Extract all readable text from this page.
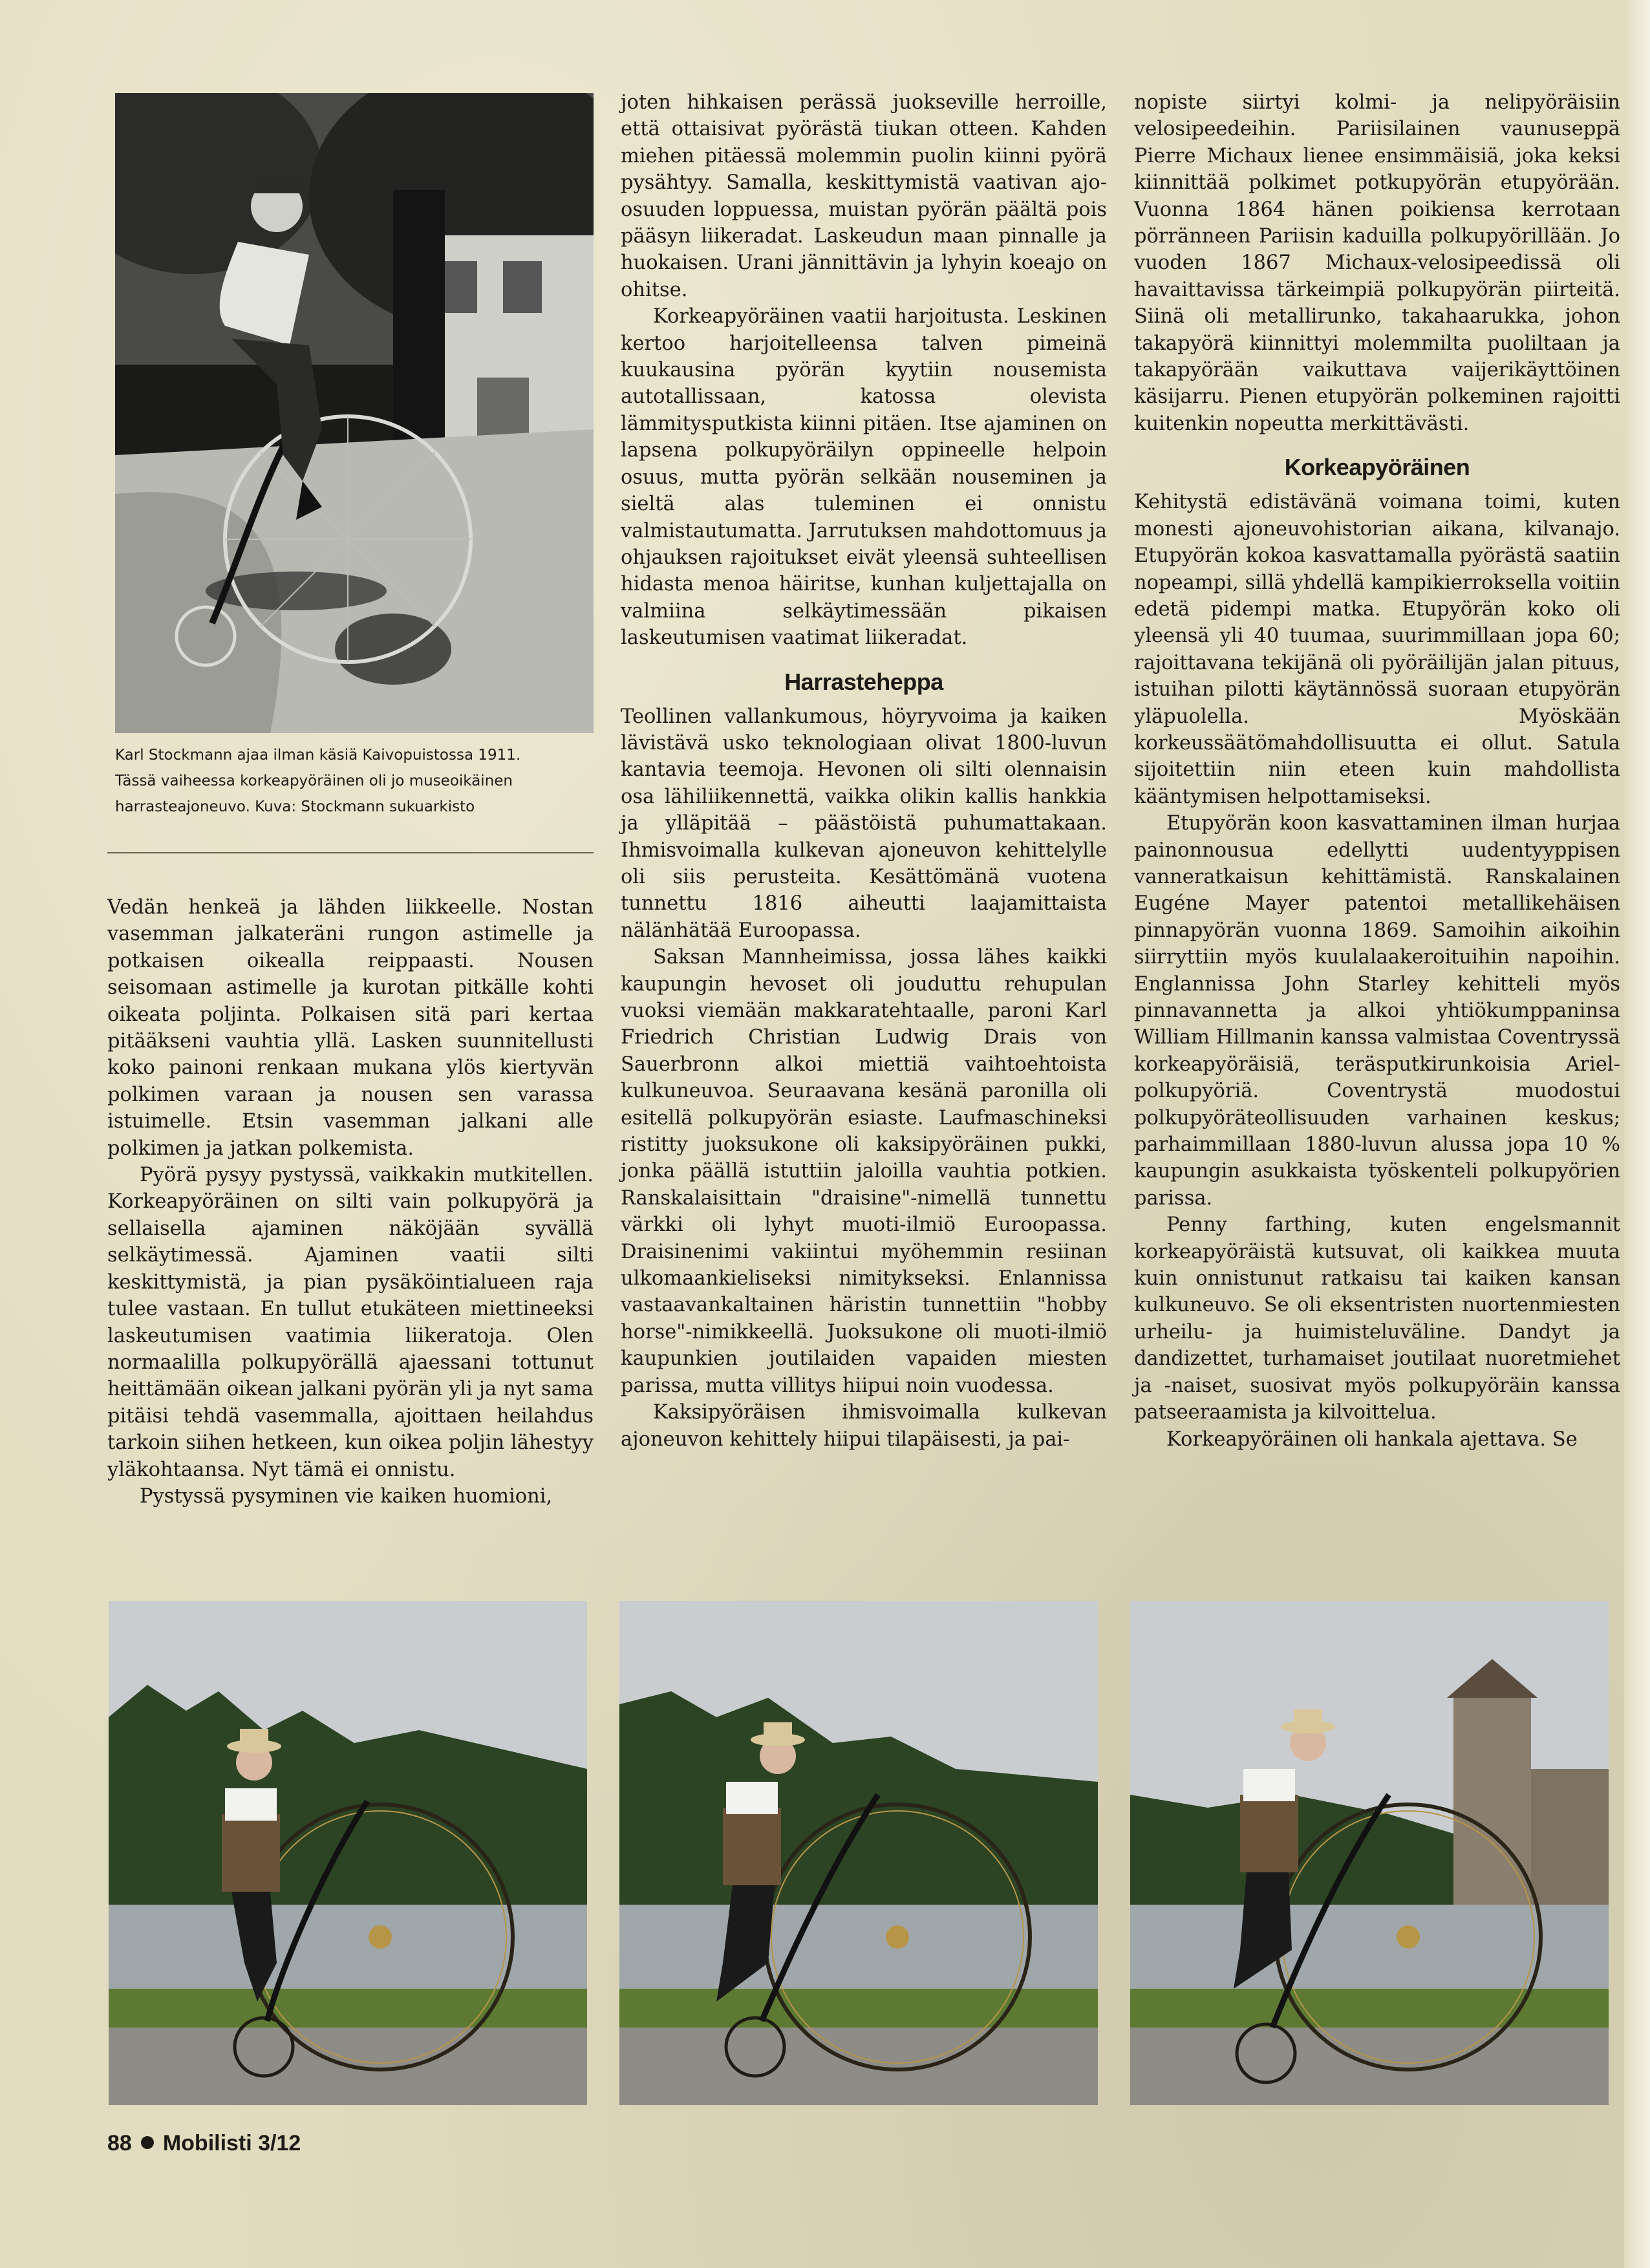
Karl Stockmann ajaa ilman käsiä Kaivopuistossa 1911.

Tässä vaiheessa korkeapyöräinen oli jo museoikäinen

harrasteajoneuvo. Kuva: Stockmann sukuarkisto

Vedän henkeä ja lähden liikkeelle. Nostan vasemman jalkateräni rungon astimelle ja potkaisen oikealla reippaasti. Nousen seisomaan astimelle ja kurotan pitkälle kohti oikeata poljinta. Polkaisen sitä pari kertaa pitääkseni vauhtia yllä. Lasken suunnitellusti koko painoni renkaan mukana ylös kiertyvän polkimen varaan ja nousen sen varassa istuimelle. Etsin vasemman jalkani alle polkimen ja jatkan polkemista.

Pyörä pysyy pystyssä, vaikkakin mutkitellen. Korkeapyöräinen on silti vain polkupyörä ja sellaisella ajaminen näköjään syvällä selkäytimessä. Ajaminen vaatii silti keskittymistä, ja pian pysäköintialueen raja tulee vastaan. En tullut etukäteen miettineeksi laskeutumisen vaatimia liikeratoja. Olen normaalilla polkupyörällä ajaessani tottunut heittämään oikean jalkani pyörän yli ja nyt sama pitäisi tehdä vasemmalla, ajoittaen heilahdus tarkoin siihen hetkeen, kun oikea poljin lähestyy yläkohtaansa. Nyt tämä ei onnistu.

Pystyssä pysyminen vie kaiken huomioni,

joten hihkaisen perässä juokseville herroille, että ottaisivat pyörästä tiukan otteen. Kahden miehen pitäessä molemmin puolin kiinni pyörä pysähtyy. Samalla, keskittymistä vaativan ajo-osuuden loppuessa, muistan pyörän päältä pois pääsyn liikeradat. Laskeudun maan pinnalle ja huokaisen. Urani jännittävin ja lyhyin koeajo on ohitse.

Korkeapyöräinen vaatii harjoitusta. Leskinen kertoo harjoitelleensa talven pimeinä kuukausina pyörän kyytiin nousemista autotallissaan, katossa olevista lämmitysputkista kiinni pitäen. Itse ajaminen on lapsena polkupyöräilyn oppineelle helpoin osuus, mutta pyörän selkään nouseminen ja sieltä alas tuleminen ei onnistu valmistautumatta. Jarrutuksen mahdottomuus ja ohjauksen rajoitukset eivät yleensä suhteellisen hidasta menoa häiritse, kunhan kuljettajalla on valmiina selkäytimessään pikaisen laskeutumisen vaatimat liikeradat.

Harrasteheppa

Teollinen vallankumous, höyryvoima ja kaiken lävistävä usko teknologiaan olivat 1800-luvun kantavia teemoja. Hevonen oli silti olennaisin osa lähiliikennettä, vaikka olikin kallis hankkia ja ylläpitää – päästöistä puhumattakaan. Ihmisvoimalla kulkevan ajoneuvon kehittelylle oli siis perusteita. Kesättömänä vuotena tunnettu 1816 aiheutti laajamittaista nälänhätää Euroopassa.

Saksan Mannheimissa, jossa lähes kaikki kaupungin hevoset oli jouduttu rehupulan vuoksi viemään makkaratehtaalle, paroni Karl Friedrich Christian Ludwig Drais von Sauerbronn alkoi miettiä vaihtoehtoista kulkuneuvoa. Seuraavana kesänä paronilla oli esitellä polkupyörän esiaste. Laufmaschineksi ristitty juoksukone oli kaksipyöräinen pukki, jonka päällä istuttiin jaloilla vauhtia potkien. Ranskalaisittain "draisine"-nimellä tunnettu värkki oli lyhyt muoti-ilmiö Euroopassa. Draisinenimi vakiintui myöhemmin resiinan ulkomaankieliseksi nimitykseksi. Enlannissa vastaavankaltainen häristin tunnettiin "hobby horse"-nimikkeellä. Juoksukone oli muoti-ilmiö kaupunkien joutilaiden vapaiden miesten parissa, mutta villitys hiipui noin vuodessa.

Kaksipyöräisen ihmisvoimalla kulkevan ajoneuvon kehittely hiipui tilapäisesti, ja pai-

nopiste siirtyi kolmi- ja nelipyöräisiin velosipeedeihin. Pariisilainen vaunuseppä Pierre Michaux lienee ensimmäisiä, joka keksi kiinnittää polkimet potkupyörän etupyörään. Vuonna 1864 hänen poikiensa kerrotaan pörränneen Pariisin kaduilla polkupyörillään. Jo vuoden 1867 Michaux-velosipeedissä oli havaittavissa tärkeimpiä polkupyörän piirteitä. Siinä oli metallirunko, takahaarukka, johon takapyörä kiinnittyi molemmilta puoliltaan ja takapyörään vaikuttava vaijerikäyttöinen käsijarru. Pienen etupyörän polkeminen rajoitti kuitenkin nopeutta merkittävästi.

Korkeapyöräinen

Kehitystä edistävänä voimana toimi, kuten monesti ajoneuvohistorian aikana, kilvanajo. Etupyörän kokoa kasvattamalla pyörästä saatiin nopeampi, sillä yhdellä kampikierroksella voitiin edetä pidempi matka. Etupyörän koko oli yleensä yli 40 tuumaa, suurimmillaan jopa 60; rajoittavana tekijänä oli pyöräilijän jalan pituus, istuihan pilotti käytännössä suoraan etupyörän yläpuolella. Myöskään korkeussäätömahdollisuutta ei ollut. Satula sijoitettiin niin eteen kuin mahdollista kääntymisen helpottamiseksi.

Etupyörän koon kasvattaminen ilman hurjaa painonnousua edellytti uudentyyppisen vanneratkaisun kehittämistä. Ranskalainen Eugéne Mayer patentoi metallikehäisen pinnapyörän vuonna 1869. Samoihin aikoihin siirryttiin myös kuulalaakeroituihin napoihin. Englannissa John Starley kehitteli myös pinnavannetta ja alkoi yhtiökumppaninsa William Hillmanin kanssa valmistaa Coventryssä korkeapyöräisiä, teräsputkirunkoisia Ariel-polkupyöriä. Coventrystä muodostui polkupyöräteollisuuden varhainen keskus; parhaimmillaan 1880-luvun alussa jopa 10 % kaupungin asukkaista työskenteli polkupyörien parissa.

Penny farthing, kuten engelsmannit korkeapyöräistä kutsuvat, oli kaikkea muuta kuin onnistunut ratkaisu tai kaiken kansan kulkuneuvo. Se oli eksentristen nuortenmiesten urheilu- ja huimisteluväline. Dandyt ja dandizettet, turhamaiset joutilaat nuoretmiehet ja -naiset, suosivat myös polkupyöräin kanssa patseeraamista ja kilvoittelua.

Korkeapyöräinen oli hankala ajettava. Se

88 Mobilisti 3/12
